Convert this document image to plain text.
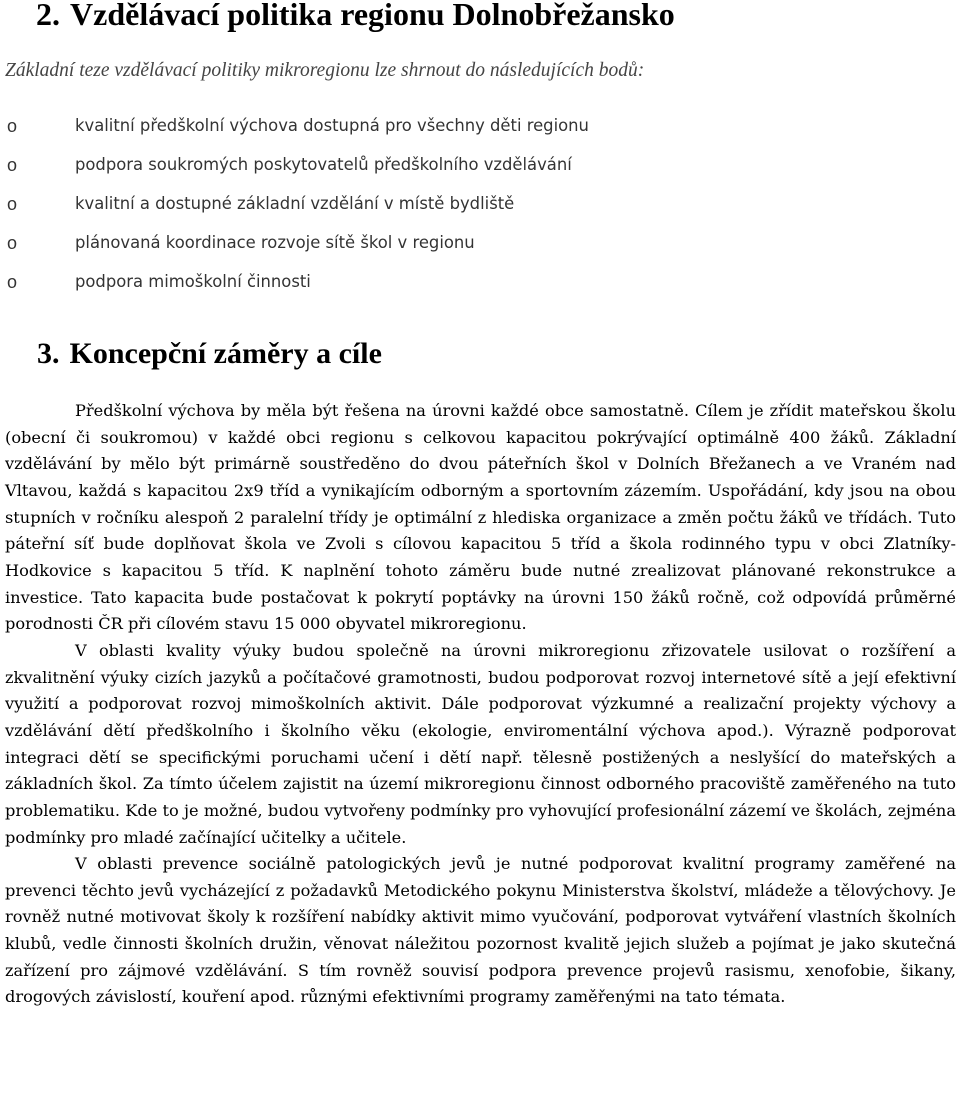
2. Vzdělávací politika regionu Dolnobřežansko

Základní teze vzdělávací politiky mikroregionu lze shrnout do následujících bodů:

o	kvalitní předškolní výchova dostupná pro všechny děti regionu
o	podpora soukromých poskytovatelů předškolního vzdělávání
o	kvalitní a dostupné základní vzdělání v místě bydliště
o	plánovaná koordinace rozvoje sítě škol v regionu
o	podpora mimoškolní činnosti
3. Koncepční záměry a cíle

Předškolní výchova by měla být řešena na úrovni každé obce samostatně. Cílem je zřídit mateřskou školu (obecní či soukromou) v každé obci regionu s celkovou kapacitou pokrývající optimálně 400 žáků. Základní vzdělávání by mělo být primárně soustředěno do dvou páteřních škol v Dolních Břežanech a ve Vraném nad Vltavou, každá s kapacitou 2x9 tříd a vynikajícím odborným a sportovním zázemím. Uspořádání, kdy jsou na obou stupních v ročníku alespoň 2 paralelní třídy je optimální z hlediska organizace a změn počtu žáků ve třídách. Tuto páteřní síť bude doplňovat škola ve Zvoli s cílovou kapacitou 5 tříd a škola rodinného typu v obci Zlatníky-Hodkovice s kapacitou 5 tříd. K naplnění tohoto záměru bude nutné zrealizovat plánované rekonstrukce a investice. Tato kapacita bude postačovat k pokrytí poptávky na úrovni 150 žáků ročně, což odpovídá průměrné porodnosti ČR při cílovém stavu 15 000 obyvatel mikroregionu.

V oblasti kvality výuky budou společně na úrovni mikroregionu zřizovatele usilovat o rozšíření a zkvalitnění výuky cizích jazyků a počítačové gramotnosti, budou podporovat rozvoj internetové sítě a její efektivní využití a podporovat rozvoj mimoškolních aktivit. Dále podporovat výzkumné a realizační projekty výchovy a vzdělávání dětí předškolního i školního věku (ekologie, enviromentální výchova apod.). Výrazně podporovat integraci dětí se specifickými poruchami učení i dětí např. tělesně postižených a neslyšící do mateřských a základních škol. Za tímto účelem zajistit na území mikroregionu činnost odborného pracoviště zaměřeného na tuto problematiku. Kde to je možné, budou vytvořeny podmínky pro vyhovující profesionální zázemí ve školách, zejména podmínky pro mladé začínající učitelky a učitele.

V oblasti prevence sociálně patologických jevů je nutné podporovat kvalitní programy zaměřené na prevenci těchto jevů vycházející z požadavků Metodického pokynu Ministerstva školství, mládeže a tělovýchovy. Je rovněž nutné motivovat školy k rozšíření nabídky aktivit mimo vyučování, podporovat vytváření vlastních školních klubů, vedle činnosti školních družin, věnovat náležitou pozornost kvalitě jejich služeb a pojímat je jako skutečná zařízení pro zájmové vzdělávání. S tím rovněž souvisí podpora prevence projevů rasismu, xenofobie, šikany, drogových závislostí, kouření apod. různými efektivními programy zaměřenými na tato témata.
